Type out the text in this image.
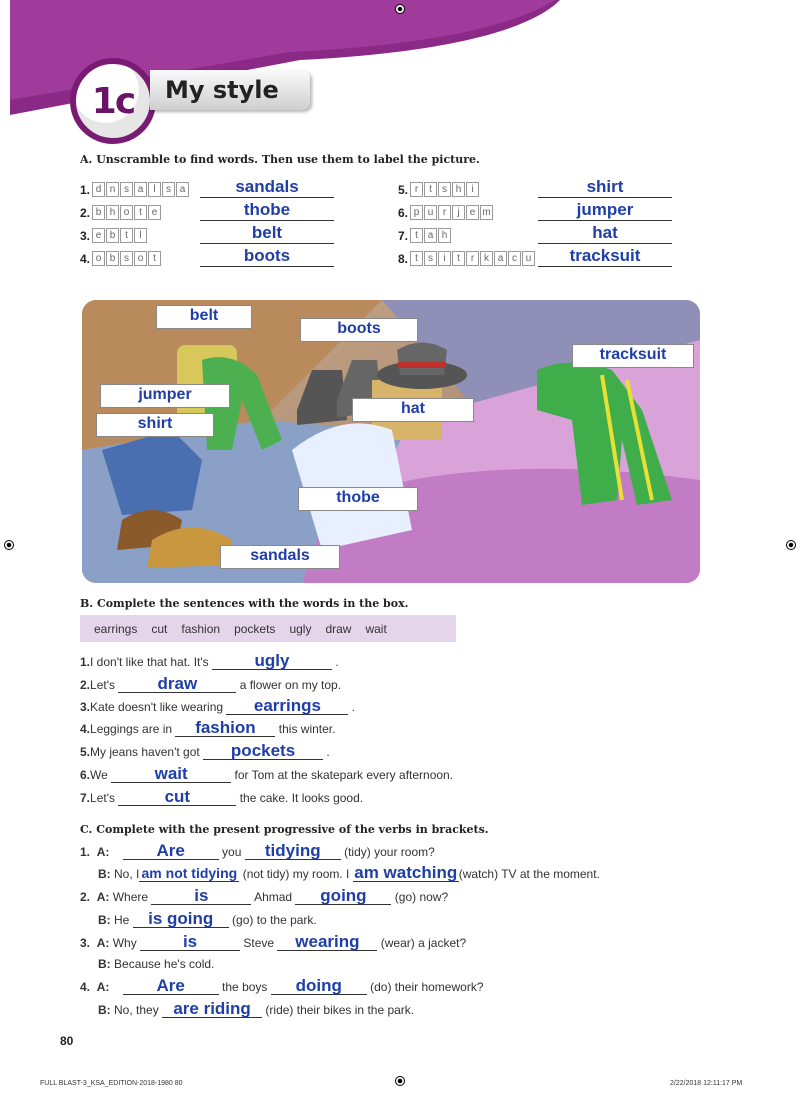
1c My style
A. Unscramble to find words. Then use them to label the picture.
1. d n s a	l	s a	sandals
2. b h o t e	thobe
3. e b t	l	belt
4. o b s o t	boots
5. r	t	s h	i	shirt
6. p u r	j	e m	jumper
7. t a h	hat
8. t	s	i	t	r k a c u	tracksuit
belt
boots
tracksuit
jumper
hat
shirt
thobe
sandals
B. Complete the sentences with the words in the box.
earrings cut fashion pockets ugly draw wait
1.I don't like that hat. It's	ugly	.
2.Let's	draw	a flower on my top.
3.Kate doesn't like wearing earrings	.
4.Leggings are in fashion this winter.
5.My jeans haven't got pockets	.
6.We	wait	for Tom at the skatepark every afternoon.
7.Let's	cut	the cake. It looks good.
C. Complete with the present progressive of the verbs in brackets.
1. A:	Are	you tidying (tidy) your room?
B: No, I am not tidying (not tidy) my room. I am watching (watch) TV at the moment.
2. A: Where	is	Ahmad going (go) now?
B: He is going (go) to the park.
3. A: Why	is	Steve wearing (wear) a jacket?
B: Because he's cold.
4. A:	Are	the boys doing (do) their homework?
B: No, they are riding (ride) their bikes in the park.
80
FULL BLAST-3_KSA_EDITION-2018-1980 80	2/22/2018 12:11:17 PM
